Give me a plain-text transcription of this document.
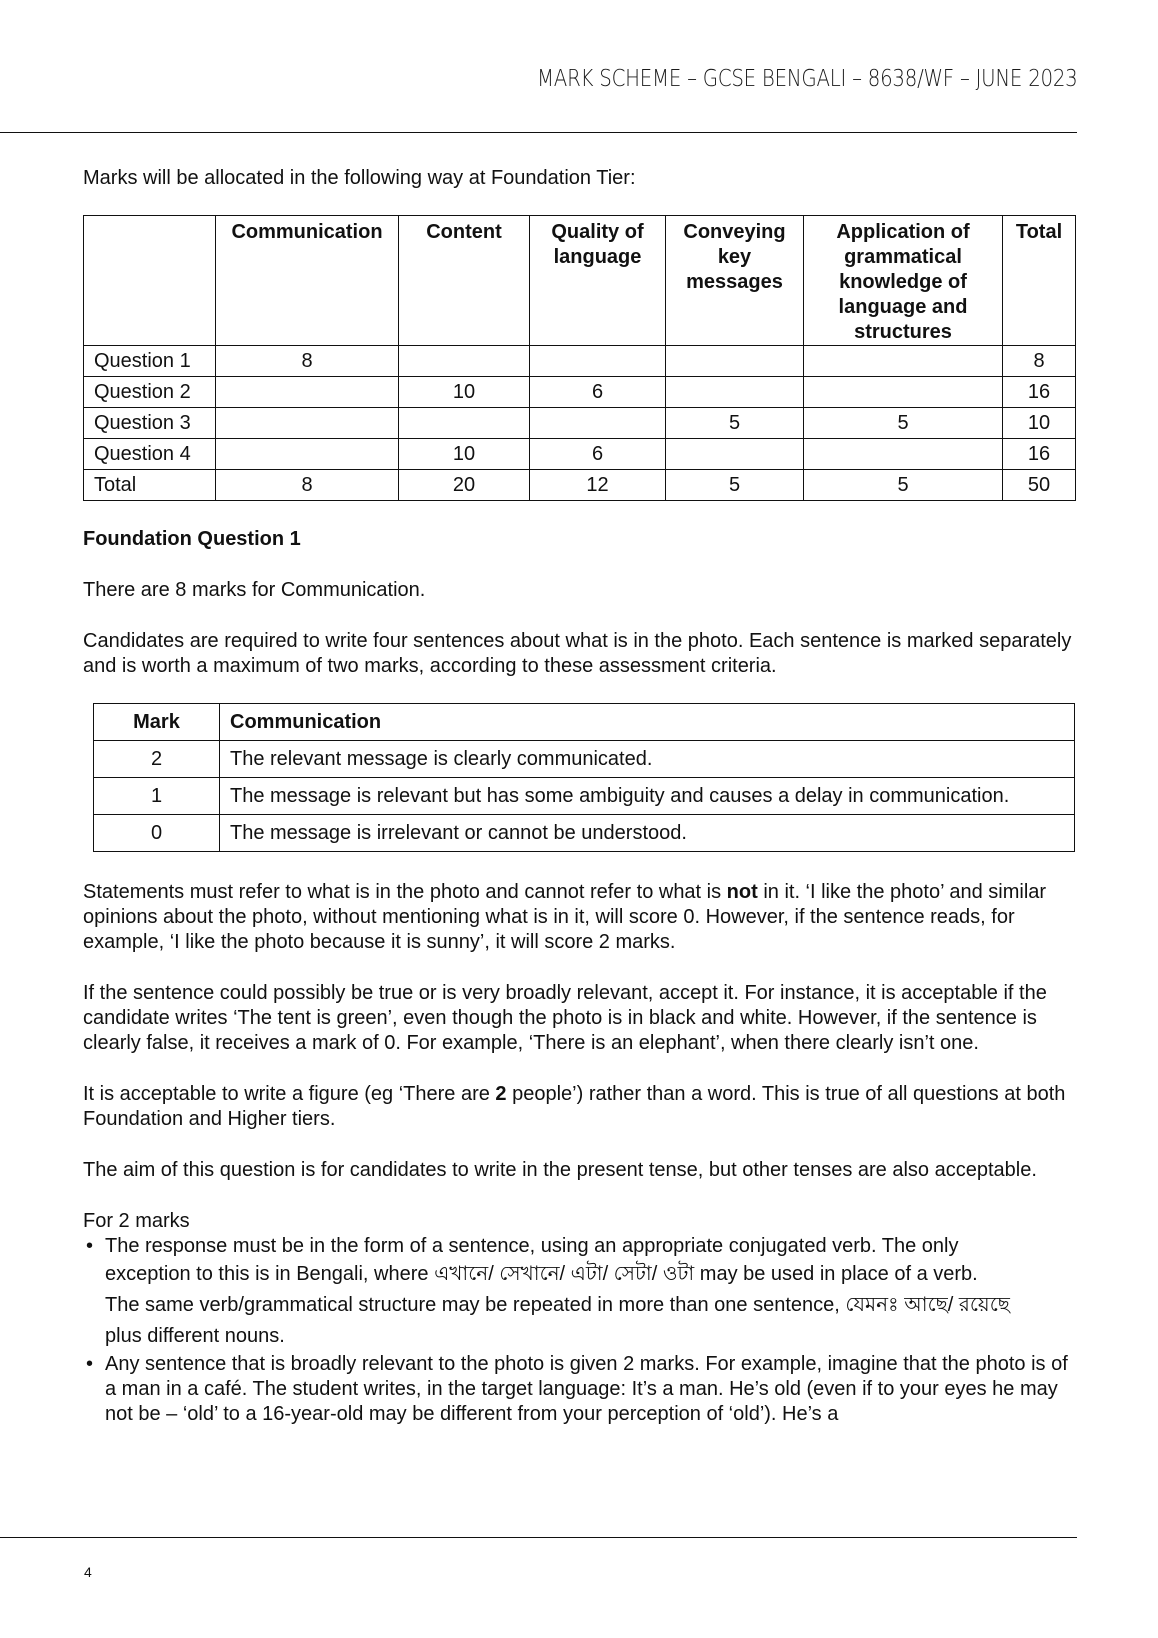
MARK SCHEME – GCSE BENGALI – 8638/WF – JUNE 2023

Marks will be allocated in the following way at Foundation Tier:

	Communication	Content	Quality of language	Conveying key messages	Application of grammatical knowledge of language and structures	Total
Question 1	8					8
Question 2		10	6			16
Question 3				5	5	10
Question 4		10	6			16
Total	8	20	12	5	5	50

Foundation Question 1

There are 8 marks for Communication.

Candidates are required to write four sentences about what is in the photo. Each sentence is marked separately and is worth a maximum of two marks, according to these assessment criteria.

Mark	Communication
2	The relevant message is clearly communicated.
1	The message is relevant but has some ambiguity and causes a delay in communication.
0	The message is irrelevant or cannot be understood.

Statements must refer to what is in the photo and cannot refer to what is not in it. ‘I like the photo’ and similar opinions about the photo, without mentioning what is in it, will score 0. However, if the sentence reads, for example, ‘I like the photo because it is sunny’, it will score 2 marks.

If the sentence could possibly be true or is very broadly relevant, accept it. For instance, it is acceptable if the candidate writes ‘The tent is green’, even though the photo is in black and white. However, if the sentence is clearly false, it receives a mark of 0. For example, ‘There is an elephant’, when there clearly isn’t one.

It is acceptable to write a figure (eg ‘There are 2 people’) rather than a word. This is true of all questions at both Foundation and Higher tiers.

The aim of this question is for candidates to write in the present tense, but other tenses are also acceptable.

For 2 marks

• The response must be in the form of a sentence, using an appropriate conjugated verb. The only
exception to this is in Bengali, where এখানে/ সেখানে/ এটা/ সেটা/ ওটা may be used in place of a verb.
The same verb/grammatical structure may be repeated in more than one sentence, যেমনঃ আছে/ রয়েছে
plus different nouns.
• Any sentence that is broadly relevant to the photo is given 2 marks. For example, imagine that the photo is of a man in a café. The student writes, in the target language: It’s a man. He’s old (even if to your eyes he may not be – ‘old’ to a 16-year-old may be different from your perception of ‘old’). He’s a
4
